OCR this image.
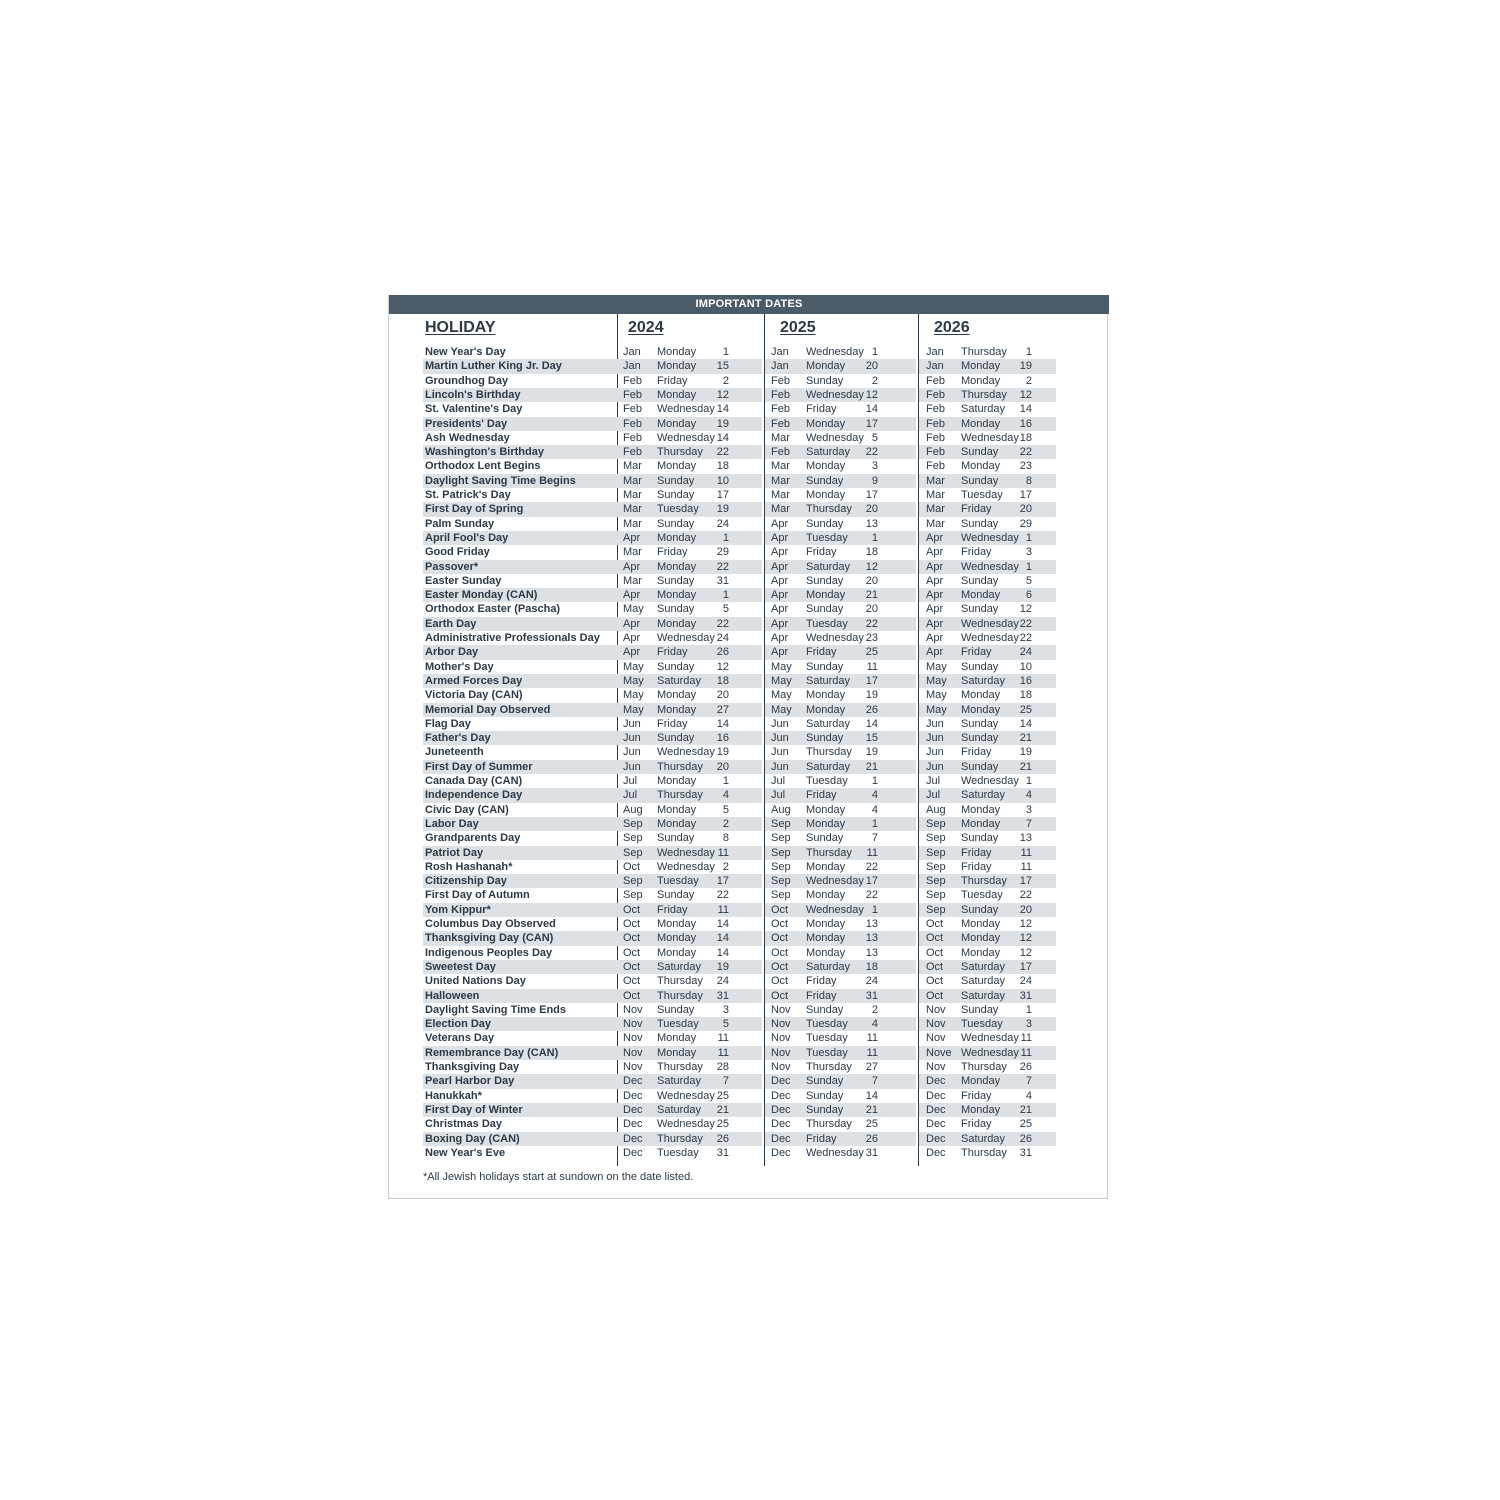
IMPORTANT DATES
HOLIDAY	2024	2025	2026
New Year's Day	Jan Monday	1	Jan Wednesday 1	Jan Thursday	1
Martin Luther King Jr. Day	Jan Monday	15	Jan Monday	20	Jan Monday	19
Groundhog Day	Feb Friday	2	Feb Sunday	2	Feb Monday	2
Lincoln's Birthday	Feb Monday	12	Feb Wednesday 12	Feb Thursday	12
St. Valentine's Day	Feb Wednesday 14	Feb Friday	14	Feb Saturday	14
Presidents' Day	Feb Monday	19	Feb Monday	17	Feb Monday	16
Ash Wednesday	Feb Wednesday 14	Mar Wednesday 5	Feb Wednesday 18
Washington's Birthday	Feb Thursday	22	Feb Saturday	22	Feb Sunday	22
Orthodox Lent Begins	Mar Monday	18	Mar Monday	3	Feb Monday	23
Daylight Saving Time Begins	Mar Sunday	10	Mar Sunday	9	Mar Sunday	8
St. Patrick's Day	Mar Sunday	17	Mar Monday	17	Mar Tuesday	17
First Day of Spring	Mar Tuesday	19	Mar Thursday	20	Mar Friday	20
Palm Sunday	Mar Sunday	24	Apr Sunday	13	Mar Sunday	29
April Fool's Day	Apr Monday	1	Apr Tuesday	1	Apr Wednesday 1
Good Friday	Mar Friday	29	Apr Friday	18	Apr Friday	3
Passover*	Apr Monday	22	Apr Saturday	12	Apr Wednesday 1
Easter Sunday	Mar Sunday	31	Apr Sunday	20	Apr Sunday	5
Easter Monday (CAN)	Apr Monday	1	Apr Monday	21	Apr Monday	6
Orthodox Easter (Pascha)	May Sunday	5	Apr Sunday	20	Apr Sunday	12
Earth Day	Apr Monday	22	Apr Tuesday	22	Apr Wednesday 22
Administrative Professionals Day Apr Wednesday 24	Apr Wednesday 23	Apr Wednesday 22
Arbor Day	Apr Friday	26	Apr Friday	25	Apr Friday	24
Mother's Day	May Sunday	12	May Sunday	11	May Sunday	10
Armed Forces Day	May Saturday	18	May Saturday	17	May Saturday	16
Victoria Day (CAN)	May Monday	20	May Monday	19	May Monday	18
Memorial Day Observed	May Monday	27	May Monday	26	May Monday	25
Flag Day	Jun Friday	14	Jun Saturday	14	Jun Sunday	14
Father's Day	Jun Sunday	16	Jun Sunday	15	Jun Sunday	21
Juneteenth	Jun Wednesday 19	Jun Thursday	19	Jun Friday	19
First Day of Summer	Jun Thursday	20	Jun Saturday	21	Jun Sunday	21
Canada Day (CAN)	Jul Monday	1	Jul Tuesday	1	Jul Wednesday 1
Independence Day	Jul Thursday	4	Jul Friday	4	Jul Saturday	4
Civic Day (CAN)	Aug Monday	5	Aug Monday	4	Aug Monday	3
Labor Day	Sep Monday	2	Sep Monday	1	Sep Monday	7
Grandparents Day	Sep Sunday	8	Sep Sunday	7	Sep Sunday	13
Patriot Day	Sep Wednesday 11	Sep Thursday	11	Sep Friday	11
Rosh Hashanah*	Oct Wednesday 2	Sep Monday	22	Sep Friday	11
Citizenship Day	Sep Tuesday	17	Sep Wednesday 17	Sep Thursday	17
First Day of Autumn	Sep Sunday	22	Sep Monday	22	Sep Tuesday	22
Yom Kippur*	Oct Friday	11	Oct Wednesday 1	Sep Sunday	20
Columbus Day Observed	Oct Monday	14	Oct Monday	13	Oct Monday	12
Thanksgiving Day (CAN)	Oct Monday	14	Oct Monday	13	Oct Monday	12
Indigenous Peoples Day	Oct Monday	14	Oct Monday	13	Oct Monday	12
Sweetest Day	Oct Saturday	19	Oct Saturday	18	Oct Saturday	17
United Nations Day	Oct Thursday	24	Oct Friday	24	Oct Saturday	24
Halloween	Oct Thursday	31	Oct Friday	31	Oct Saturday	31
Daylight Saving Time Ends	Nov Sunday	3	Nov Sunday	2	Nov Sunday	1
Election Day	Nov Tuesday	5	Nov Tuesday	4	Nov Tuesday	3
Veterans Day	Nov Monday	11	Nov Tuesday	11	Nov Wednesday 11
Remembrance Day (CAN)	Nov Monday	11	Nov Tuesday	11	Nove Wednesday 11
Thanksgiving Day	Nov Thursday	28	Nov Thursday	27	Nov Thursday	26
Pearl Harbor Day	Dec Saturday	7	Dec Sunday	7	Dec Monday	7
Hanukkah*	Dec Wednesday 25	Dec Sunday	14	Dec Friday	4
First Day of Winter	Dec Saturday	21	Dec Sunday	21	Dec Monday	21
Christmas Day	Dec Wednesday 25	Dec Thursday	25	Dec Friday	25
Boxing Day (CAN)	Dec Thursday	26	Dec Friday	26	Dec Saturday	26
New Year's Eve	Dec Tuesday	31	Dec Wednesday 31	Dec Thursday	31
*All Jewish holidays start at sundown on the date listed.
